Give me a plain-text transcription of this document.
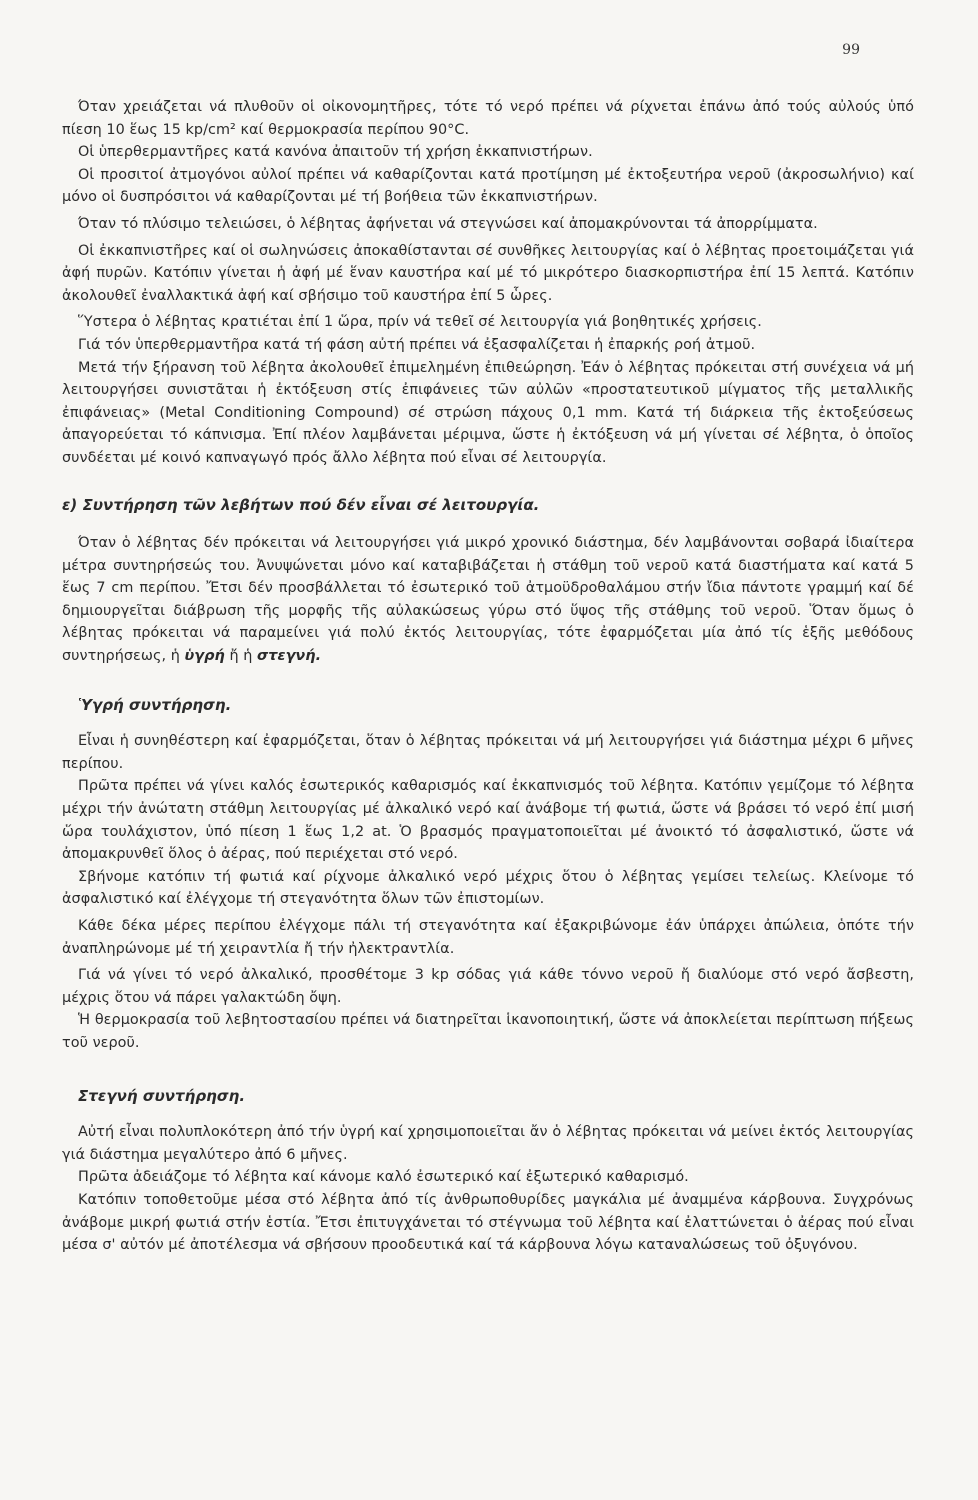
99

Όταν χρειάζεται νά πλυθοῦν οἱ οἰκονομητῆρες, τότε τό νερό πρέπει νά ρίχνεται ἐπάνω ἀπό τούς αὐλούς ὑπό πίεση 10 ἕως 15 kp/cm² καί θερμοκρασία περίπου 90°C.

Οἱ ὑπερθερμαντῆρες κατά κανόνα ἀπαιτοῦν τή χρήση ἐκκαπνιστήρων.

Οἱ προσιτοί ἀτμογόνοι αὐλοί πρέπει νά καθαρίζονται κατά προτίμηση μέ ἐκτοξευτήρα νεροῦ (ἀκροσωλήνιο) καί μόνο οἱ δυσπρόσιτοι νά καθαρίζονται μέ τή βοήθεια τῶν ἐκκαπνιστήρων.

Όταν τό πλύσιμο τελειώσει, ὁ λέβητας ἀφήνεται νά στεγνώσει καί ἀπομακρύνονται τά ἀπορρίμματα.

Οἱ ἐκκαπνιστῆρες καί οἱ σωληνώσεις ἀποκαθίστανται σέ συνθῆκες λειτουργίας καί ὁ λέβητας προετοιμάζεται γιά ἀφή πυρῶν. Κατόπιν γίνεται ἡ ἀφή μέ ἕναν καυστήρα καί μέ τό μικρότερο διασκορπιστήρα ἐπί 15 λεπτά. Κατόπιν ἀκολουθεῖ ἐναλλακτικά ἀφή καί σβήσιμο τοῦ καυστήρα ἐπί 5 ὧρες.

Ὕστερα ὁ λέβητας κρατιέται ἐπί 1 ὥρα, πρίν νά τεθεῖ σέ λειτουργία γιά βοηθητικές χρήσεις.

Γιά τόν ὑπερθερμαντῆρα κατά τή φάση αὐτή πρέπει νά ἐξασφαλίζεται ἡ ἐπαρκής ροή ἀτμοῦ.

Μετά τήν ξήρανση τοῦ λέβητα ἀκολουθεῖ ἐπιμελημένη ἐπιθεώρηση. Ἐάν ὁ λέβητας πρόκειται στή συνέχεια νά μή λειτουργήσει συνιστᾶται ἡ ἐκτόξευση στίς ἐπιφάνειες τῶν αὐλῶν «προστατευτικοῦ μίγματος τῆς μεταλλικῆς ἐπιφάνειας» (Metal Conditioning Compound) σέ στρώση πάχους 0,1 mm. Κατά τή διάρκεια τῆς ἐκτοξεύσεως ἀπαγορεύεται τό κάπνισμα. Ἐπί πλέον λαμβάνεται μέριμνα, ὥστε ἡ ἐκτόξευση νά μή γίνεται σέ λέβητα, ὁ ὁποῖος συνδέεται μέ κοινό καπναγωγό πρός ἄλλο λέβητα πού εἶναι σέ λειτουργία.

ε) Συντήρηση τῶν λεβήτων πού δέν εἶναι σέ λειτουργία.

Όταν ὁ λέβητας δέν πρόκειται νά λειτουργήσει γιά μικρό χρονικό διάστημα, δέν λαμβάνονται σοβαρά ἰδιαίτερα μέτρα συντηρήσεώς του. Ἀνυψώνεται μόνο καί καταβιβάζεται ἡ στάθμη τοῦ νεροῦ κατά διαστήματα καί κατά 5 ἕως 7 cm περίπου. Ἔτσι δέν προσβάλλεται τό ἐσωτερικό τοῦ ἀτμοϋδροθαλάμου στήν ἴδια πάντοτε γραμμή καί δέ δημιουργεῖται διάβρωση τῆς μορφῆς τῆς αὐλακώσεως γύρω στό ὕψος τῆς στάθμης τοῦ νεροῦ. Ὅταν ὅμως ὁ λέβητας πρόκειται νά παραμείνει γιά πολύ ἐκτός λειτουργίας, τότε ἐφαρμόζεται μία ἀπό τίς ἑξῆς μεθόδους συντηρήσεως, ἡ ὑγρή ἤ ἡ στεγνή.

Ὑγρή συντήρηση.

Εἶναι ἡ συνηθέστερη καί ἐφαρμόζεται, ὅταν ὁ λέβητας πρόκειται νά μή λειτουργήσει γιά διάστημα μέχρι 6 μῆνες περίπου.

Πρῶτα πρέπει νά γίνει καλός ἐσωτερικός καθαρισμός καί ἐκκαπνισμός τοῦ λέβητα. Κατόπιν γεμίζομε τό λέβητα μέχρι τήν ἀνώτατη στάθμη λειτουργίας μέ ἀλκαλικό νερό καί ἀνάβομε τή φωτιά, ὥστε νά βράσει τό νερό ἐπί μισή ὥρα τουλάχιστον, ὑπό πίεση 1 ἕως 1,2 at. Ὁ βρασμός πραγματοποιεῖται μέ ἀνοικτό τό ἀσφαλιστικό, ὥστε νά ἀπομακρυνθεῖ ὅλος ὁ ἀέρας, πού περιέχεται στό νερό.

Σβήνομε κατόπιν τή φωτιά καί ρίχνομε ἀλκαλικό νερό μέχρις ὅτου ὁ λέβητας γεμίσει τελείως. Κλείνομε τό ἀσφαλιστικό καί ἐλέγχομε τή στεγανότητα ὅλων τῶν ἐπιστομίων.

Κάθε δέκα μέρες περίπου ἐλέγχομε πάλι τή στεγανότητα καί ἐξακριβώνομε ἐάν ὑπάρχει ἀπώλεια, ὁπότε τήν ἀναπληρώνομε μέ τή χειραντλία ἤ τήν ἠλεκτραντλία.

Γιά νά γίνει τό νερό ἀλκαλικό, προσθέτομε 3 kp σόδας γιά κάθε τόννο νεροῦ ἤ διαλύομε στό νερό ἄσβεστη, μέχρις ὅτου νά πάρει γαλακτώδη ὄψη.

Ἡ θερμοκρασία τοῦ λεβητοστασίου πρέπει νά διατηρεῖται ἱκανοποιητική, ὥστε νά ἀποκλείεται περίπτωση πήξεως τοῦ νεροῦ.

Στεγνή συντήρηση.

Αὐτή εἶναι πολυπλοκότερη ἀπό τήν ὑγρή καί χρησιμοποιεῖται ἄν ὁ λέβητας πρόκειται νά μείνει ἐκτός λειτουργίας γιά διάστημα μεγαλύτερο ἀπό 6 μῆνες.

Πρῶτα ἀδειάζομε τό λέβητα καί κάνομε καλό ἐσωτερικό καί ἐξωτερικό καθαρισμό.

Κατόπιν τοποθετοῦμε μέσα στό λέβητα ἀπό τίς ἀνθρωποθυρίδες μαγκάλια μέ ἀναμμένα κάρβουνα. Συγχρόνως ἀνάβομε μικρή φωτιά στήν ἑστία. Ἔτσι ἐπιτυγχάνεται τό στέγνωμα τοῦ λέβητα καί ἐλαττώνεται ὁ ἀέρας πού εἶναι μέσα σ' αὐτόν μέ ἀποτέλεσμα νά σβήσουν προοδευτικά καί τά κάρβουνα λόγω καταναλώσεως τοῦ ὀξυγόνου.
